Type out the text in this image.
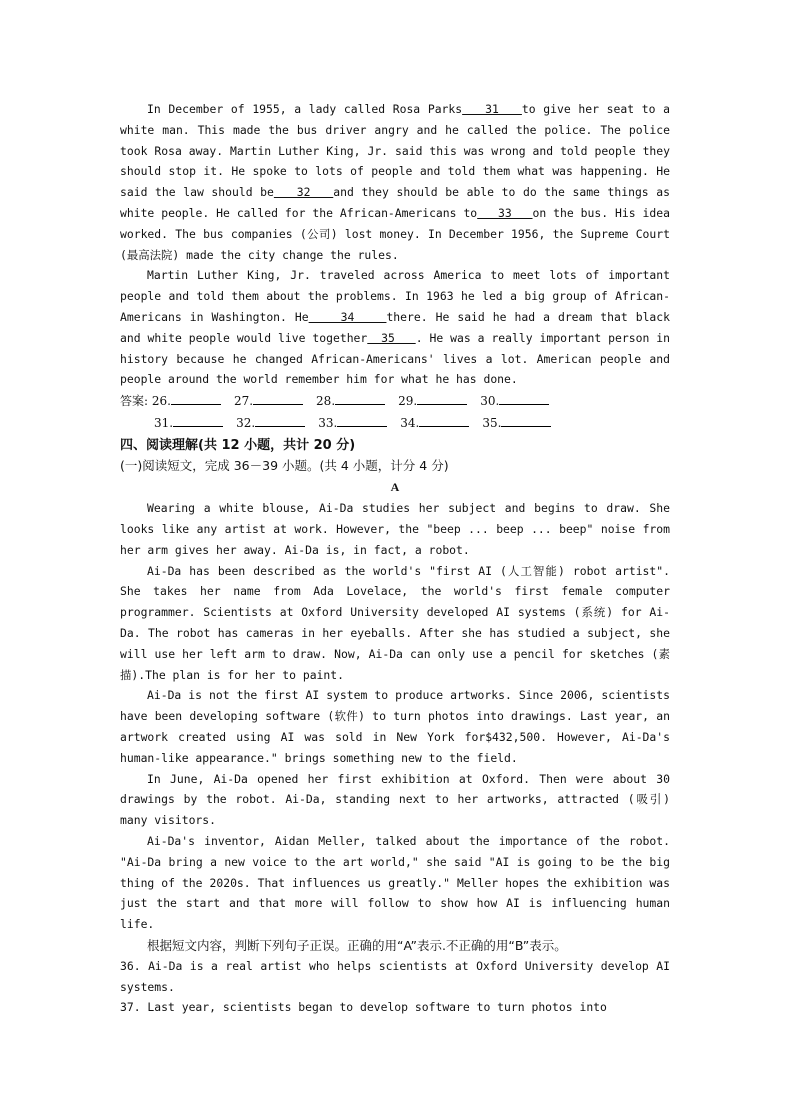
In December of 1955, a lady called Rosa Parks   31   to give her seat to a white man. This made the bus driver angry and he called the police. The police took Rosa away. Martin Luther King, Jr. said this was wrong and told people they should stop it. He spoke to lots of people and told them what was happening. He said the law should be   32   and they should be able to do the same things as white people. He called for the African-Americans to   33   on the bus. His idea worked. The bus companies (公司) lost money. In December 1956, the Supreme Court (最高法院) made the city change the rules.

Martin Luther King, Jr. traveled across America to meet lots of important people and told them about the problems. In 1963 he led a big group of African-Americans in Washington. He    34    there. He said he had a dream that black and white people would live together  35   . He was a really important person in history because he changed African-Americans' lives a lot. American people and people around the world remember him for what he has done.

答案: 26.	27.	28.	29.	30.
31.	32.	33.	34.	35.
四、阅读理解(共 12 小题，共计 20 分)
(一)阅读短文，完成 36－39 小题。(共 4 小题，计分 4 分)
A

Wearing a white blouse, Ai-Da studies her subject and begins to draw. She looks like any artist at work. However, the "beep ... beep ... beep" noise from her arm gives her away. Ai-Da is, in fact, a robot.

Ai-Da has been described as the world's "first AI (人工智能) robot artist". She takes her name from Ada Lovelace, the world's first female computer programmer. Scientists at Oxford University developed AI systems (系统) for Ai-Da. The robot has cameras in her eyeballs. After she has studied a subject, she will use her left arm to draw. Now, Ai-Da can only use a pencil for sketches (素描).The plan is for her to paint.

Ai-Da is not the first AI system to produce artworks. Since 2006, scientists have been developing software (软件) to turn photos into drawings. Last year, an artwork created using AI was sold in New York for$432,500. However, Ai-Da's human-like appearance." brings something new to the field.

In June, Ai-Da opened her first exhibition at Oxford. Then were about 30 drawings by the robot. Ai-Da, standing next to her artworks, attracted (吸引) many visitors.

Ai-Da's inventor, Aidan Meller, talked about the importance of the robot. "Ai-Da bring a new voice to the art world," she said "AI is going to be the big thing of the 2020s. That influences us greatly." Meller hopes the exhibition was just the start and that more will follow to show how AI is influencing human life.

根据短文内容，判断下列句子正误。正确的用“A”表示.不正确的用“B”表示。

36. Ai-Da is a real artist who helps scientists at Oxford University develop AI systems.

37. Last year, scientists began to develop software to turn photos into
